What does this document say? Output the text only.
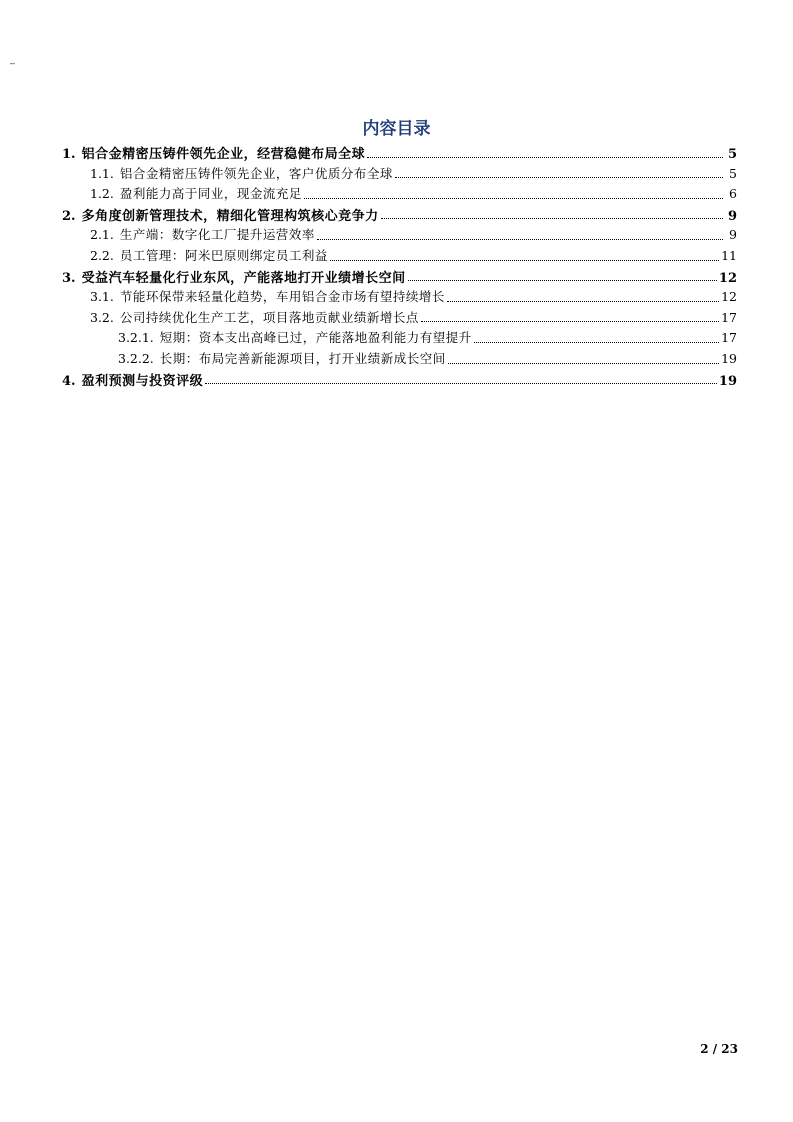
–
内容目录
1. 铝合金精密压铸件领先企业，经营稳健布局全球	5
1.1. 铝合金精密压铸件领先企业，客户优质分布全球	5
1.2. 盈利能力高于同业，现金流充足	6
2. 多角度创新管理技术，精细化管理构筑核心竞争力	9
2.1. 生产端：数字化工厂提升运营效率	9
2.2. 员工管理：阿米巴原则绑定员工利益	11
3. 受益汽车轻量化行业东风，产能落地打开业绩增长空间	12
3.1. 节能环保带来轻量化趋势，车用铝合金市场有望持续增长	12
3.2. 公司持续优化生产工艺，项目落地贡献业绩新增长点	17
3.2.1. 短期：资本支出高峰已过，产能落地盈利能力有望提升	17
3.2.2. 长期：布局完善新能源项目，打开业绩新成长空间	19
4. 盈利预测与投资评级	19
2 / 23
